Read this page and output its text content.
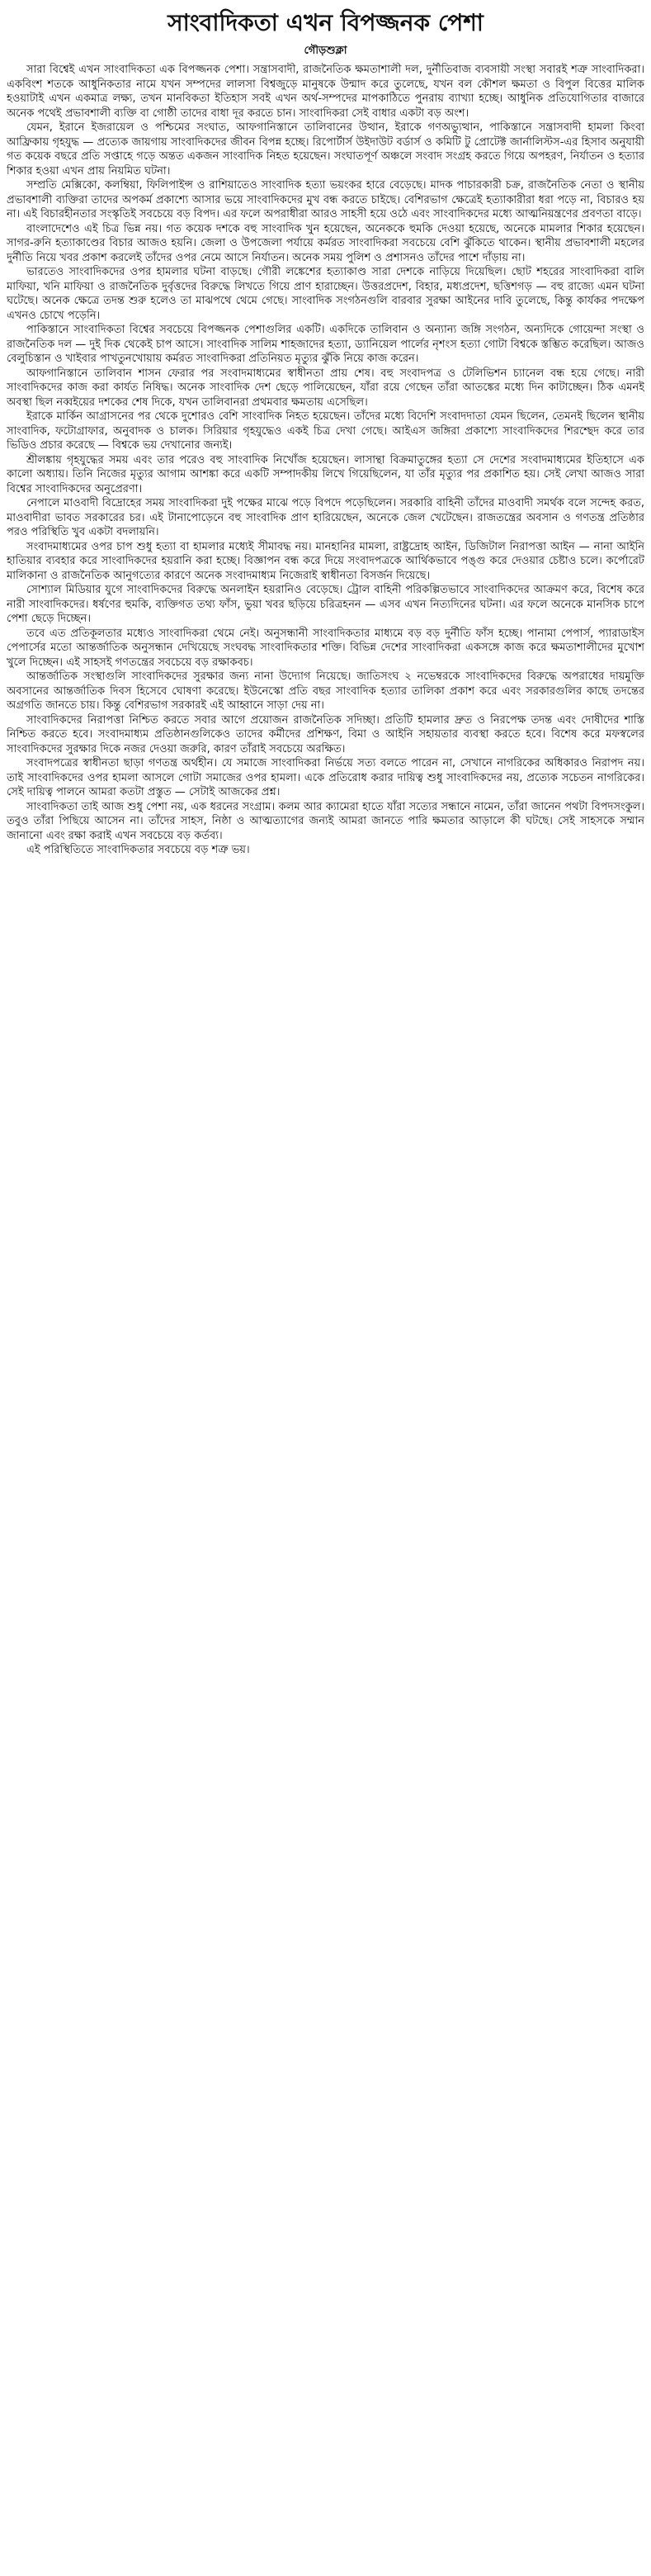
সাংবাদিকতা এখন বিপজ্জনক পেশা
গৌড়শুক্লা

সারা বিশ্বেই এখন সাংবাদিকতা এক বিপজ্জনক পেশা। সন্ত্রাসবাদী, রাজনৈতিক ক্ষমতাশালী দল, দুর্নীতিবাজ ব্যবসায়ী সংস্থা সবারই শত্রু সাংবাদিকরা। একবিংশ শতকে আধুনিকতার নামে যখন সম্পদের লালসা বিশ্বজুড়ে মানুষকে উন্মাদ করে তুলেছে, যখন বল কৌশল ক্ষমতা ও বিপুল বিত্তের মালিক হওয়াটাই এখন একমাত্র লক্ষ্য, তখন মানবিকতা ইতিহাস সবই এখন অর্থ-সম্পদের মাপকাঠিতে পুনরায় ব্যাখ্যা হচ্ছে। আধুনিক প্রতিযোগিতার বাজারে অনেক পথেই প্রভাবশালী ব্যক্তি বা গোষ্ঠী তাদের বাধা দূর করতে চান। সাংবাদিকরা সেই বাধার একটা বড় অংশ।

যেমন, ইরানে ইজরায়েল ও পশ্চিমের সংঘাত, আফগানিস্তানে তালিবানের উত্থান, ইরাকে গণঅভ্যুত্থান, পাকিস্তানে সন্ত্রাসবাদী হামলা কিংবা আফ্রিকায় গৃহযুদ্ধ — প্রত্যেক জায়গায় সাংবাদিকদের জীবন বিপন্ন হচ্ছে। রিপোর্টার্স উইদাউট বর্ডার্স ও কমিটি টু প্রোটেক্ট জার্নালিস্টস-এর হিসাব অনুযায়ী গত কয়েক বছরে প্রতি সপ্তাহে গড়ে অন্তত একজন সাংবাদিক নিহত হয়েছেন। সংঘাতপূর্ণ অঞ্চলে সংবাদ সংগ্রহ করতে গিয়ে অপহরণ, নির্যাতন ও হত্যার শিকার হওয়া এখন প্রায় নিয়মিত ঘটনা।

সম্প্রতি মেক্সিকো, কলম্বিয়া, ফিলিপাইন্স ও রাশিয়াতেও সাংবাদিক হত্যা ভয়ংকর হারে বেড়েছে। মাদক পাচারকারী চক্র, রাজনৈতিক নেতা ও স্থানীয় প্রভাবশালী ব্যক্তিরা তাদের অপকর্ম প্রকাশ্যে আসার ভয়ে সাংবাদিকদের মুখ বন্ধ করতে চাইছে। বেশিরভাগ ক্ষেত্রেই হত্যাকারীরা ধরা পড়ে না, বিচারও হয় না। এই বিচারহীনতার সংস্কৃতিই সবচেয়ে বড় বিপদ। এর ফলে অপরাধীরা আরও সাহসী হয়ে ওঠে এবং সাংবাদিকদের মধ্যে আত্মনিয়ন্ত্রণের প্রবণতা বাড়ে।

বাংলাদেশেও এই চিত্র ভিন্ন নয়। গত কয়েক দশকে বহু সাংবাদিক খুন হয়েছেন, অনেককে হুমকি দেওয়া হয়েছে, অনেকে মামলার শিকার হয়েছেন। সাগর-রুনি হত্যাকাণ্ডের বিচার আজও হয়নি। জেলা ও উপজেলা পর্যায়ে কর্মরত সাংবাদিকরা সবচেয়ে বেশি ঝুঁকিতে থাকেন। স্থানীয় প্রভাবশালী মহলের দুর্নীতি নিয়ে খবর প্রকাশ করলেই তাঁদের ওপর নেমে আসে নির্যাতন। অনেক সময় পুলিশ ও প্রশাসনও তাঁদের পাশে দাঁড়ায় না।

ভারতেও সাংবাদিকদের ওপর হামলার ঘটনা বাড়ছে। গৌরী লঙ্কেশের হত্যাকাণ্ড সারা দেশকে নাড়িয়ে দিয়েছিল। ছোট শহরের সাংবাদিকরা বালি মাফিয়া, খনি মাফিয়া ও রাজনৈতিক দুর্বৃত্তদের বিরুদ্ধে লিখতে গিয়ে প্রাণ হারাচ্ছেন। উত্তরপ্রদেশ, বিহার, মধ্যপ্রদেশ, ছত্তিশগড় — বহু রাজ্যে এমন ঘটনা ঘটেছে। অনেক ক্ষেত্রে তদন্ত শুরু হলেও তা মাঝপথে থেমে গেছে। সাংবাদিক সংগঠনগুলি বারবার সুরক্ষা আইনের দাবি তুলেছে, কিন্তু কার্যকর পদক্ষেপ এখনও চোখে পড়েনি।

পাকিস্তানে সাংবাদিকতা বিশ্বের সবচেয়ে বিপজ্জনক পেশাগুলির একটি। একদিকে তালিবান ও অন্যান্য জঙ্গি সংগঠন, অন্যদিকে গোয়েন্দা সংস্থা ও রাজনৈতিক দল — দুই দিক থেকেই চাপ আসে। সাংবাদিক সালিম শাহজাদের হত্যা, ড্যানিয়েল পার্লের নৃশংস হত্যা গোটা বিশ্বকে স্তম্ভিত করেছিল। আজও বেলুচিস্তান ও খাইবার পাখতুনখোয়ায় কর্মরত সাংবাদিকরা প্রতিনিয়ত মৃত্যুর ঝুঁকি নিয়ে কাজ করেন।

আফগানিস্তানে তালিবান শাসন ফেরার পর সংবাদমাধ্যমের স্বাধীনতা প্রায় শেষ। বহু সংবাদপত্র ও টেলিভিশন চ্যানেল বন্ধ হয়ে গেছে। নারী সাংবাদিকদের কাজ করা কার্যত নিষিদ্ধ। অনেক সাংবাদিক দেশ ছেড়ে পালিয়েছেন, যাঁরা রয়ে গেছেন তাঁরা আতঙ্কের মধ্যে দিন কাটাচ্ছেন। ঠিক এমনই অবস্থা ছিল নব্বইয়ের দশকের শেষ দিকে, যখন তালিবানরা প্রথমবার ক্ষমতায় এসেছিল।

ইরাকে মার্কিন আগ্রাসনের পর থেকে দুশোরও বেশি সাংবাদিক নিহত হয়েছেন। তাঁদের মধ্যে বিদেশি সংবাদদাতা যেমন ছিলেন, তেমনই ছিলেন স্থানীয় সাংবাদিক, ফটোগ্রাফার, অনুবাদক ও চালক। সিরিয়ার গৃহযুদ্ধেও একই চিত্র দেখা গেছে। আইএস জঙ্গিরা প্রকাশ্যে সাংবাদিকদের শিরশ্ছেদ করে তার ভিডিও প্রচার করেছে — বিশ্বকে ভয় দেখানোর জন্যই।

শ্রীলঙ্কায় গৃহযুদ্ধের সময় এবং তার পরেও বহু সাংবাদিক নিখোঁজ হয়েছেন। লাসান্থা বিক্রমাতুঙ্গের হত্যা সে দেশের সংবাদমাধ্যমের ইতিহাসে এক কালো অধ্যায়। তিনি নিজের মৃত্যুর আগাম আশঙ্কা করে একটি সম্পাদকীয় লিখে গিয়েছিলেন, যা তাঁর মৃত্যুর পর প্রকাশিত হয়। সেই লেখা আজও সারা বিশ্বের সাংবাদিকদের অনুপ্রেরণা।

নেপালে মাওবাদী বিদ্রোহের সময় সাংবাদিকরা দুই পক্ষের মাঝে পড়ে বিপদে পড়েছিলেন। সরকারি বাহিনী তাঁদের মাওবাদী সমর্থক বলে সন্দেহ করত, মাওবাদীরা ভাবত সরকারের চর। এই টানাপোড়েনে বহু সাংবাদিক প্রাণ হারিয়েছেন, অনেকে জেল খেটেছেন। রাজতন্ত্রের অবসান ও গণতন্ত্র প্রতিষ্ঠার পরও পরিস্থিতি খুব একটা বদলায়নি।

সংবাদমাধ্যমের ওপর চাপ শুধু হত্যা বা হামলার মধ্যেই সীমাবদ্ধ নয়। মানহানির মামলা, রাষ্ট্রদ্রোহ আইন, ডিজিটাল নিরাপত্তা আইন — নানা আইনি হাতিয়ার ব্যবহার করে সাংবাদিকদের হয়রানি করা হচ্ছে। বিজ্ঞাপন বন্ধ করে দিয়ে সংবাদপত্রকে আর্থিকভাবে পঙ্গু করে দেওয়ার চেষ্টাও চলে। কর্পোরেট মালিকানা ও রাজনৈতিক আনুগত্যের কারণে অনেক সংবাদমাধ্যম নিজেরাই স্বাধীনতা বিসর্জন দিয়েছে।

সোশ্যাল মিডিয়ার যুগে সাংবাদিকদের বিরুদ্ধে অনলাইন হয়রানিও বেড়েছে। ট্রোল বাহিনী পরিকল্পিতভাবে সাংবাদিকদের আক্রমণ করে, বিশেষ করে নারী সাংবাদিকদের। ধর্ষণের হুমকি, ব্যক্তিগত তথ্য ফাঁস, ভুয়া খবর ছড়িয়ে চরিত্রহনন — এসব এখন নিত্যদিনের ঘটনা। এর ফলে অনেকে মানসিক চাপে পেশা ছেড়ে দিচ্ছেন।

তবে এত প্রতিকূলতার মধ্যেও সাংবাদিকরা থেমে নেই। অনুসন্ধানী সাংবাদিকতার মাধ্যমে বড় বড় দুর্নীতি ফাঁস হচ্ছে। পানামা পেপার্স, প্যারাডাইস পেপার্সের মতো আন্তর্জাতিক অনুসন্ধান দেখিয়েছে সংঘবদ্ধ সাংবাদিকতার শক্তি। বিভিন্ন দেশের সাংবাদিকরা একসঙ্গে কাজ করে ক্ষমতাশালীদের মুখোশ খুলে দিচ্ছেন। এই সাহসই গণতন্ত্রের সবচেয়ে বড় রক্ষাকবচ।

আন্তর্জাতিক সংস্থাগুলি সাংবাদিকদের সুরক্ষার জন্য নানা উদ্যোগ নিয়েছে। জাতিসংঘ ২ নভেম্বরকে সাংবাদিকদের বিরুদ্ধে অপরাধের দায়মুক্তি অবসানের আন্তর্জাতিক দিবস হিসেবে ঘোষণা করেছে। ইউনেস্কো প্রতি বছর সাংবাদিক হত্যার তালিকা প্রকাশ করে এবং সরকারগুলির কাছে তদন্তের অগ্রগতি জানতে চায়। কিন্তু বেশিরভাগ সরকারই এই আহ্বানে সাড়া দেয় না।

সাংবাদিকদের নিরাপত্তা নিশ্চিত করতে সবার আগে প্রয়োজন রাজনৈতিক সদিচ্ছা। প্রতিটি হামলার দ্রুত ও নিরপেক্ষ তদন্ত এবং দোষীদের শাস্তি নিশ্চিত করতে হবে। সংবাদমাধ্যম প্রতিষ্ঠানগুলিকেও তাদের কর্মীদের প্রশিক্ষণ, বিমা ও আইনি সহায়তার ব্যবস্থা করতে হবে। বিশেষ করে মফস্বলের সাংবাদিকদের সুরক্ষার দিকে নজর দেওয়া জরুরি, কারণ তাঁরাই সবচেয়ে অরক্ষিত।

সংবাদপত্রের স্বাধীনতা ছাড়া গণতন্ত্র অর্থহীন। যে সমাজে সাংবাদিকরা নির্ভয়ে সত্য বলতে পারেন না, সেখানে নাগরিকের অধিকারও নিরাপদ নয়। তাই সাংবাদিকদের ওপর হামলা আসলে গোটা সমাজের ওপর হামলা। একে প্রতিরোধ করার দায়িত্ব শুধু সাংবাদিকদের নয়, প্রত্যেক সচেতন নাগরিকের। সেই দায়িত্ব পালনে আমরা কতটা প্রস্তুত — সেটাই আজকের প্রশ্ন।

সাংবাদিকতা তাই আজ শুধু পেশা নয়, এক ধরনের সংগ্রাম। কলম আর ক্যামেরা হাতে যাঁরা সত্যের সন্ধানে নামেন, তাঁরা জানেন পথটা বিপদসংকুল। তবুও তাঁরা পিছিয়ে আসেন না। তাঁদের সাহস, নিষ্ঠা ও আত্মত্যাগের জন্যই আমরা জানতে পারি ক্ষমতার আড়ালে কী ঘটছে। সেই সাহসকে সম্মান জানানো এবং রক্ষা করাই এখন সবচেয়ে বড় কর্তব্য।

এই পরিস্থিতিতে সাংবাদিকতার সবচেয়ে বড় শত্রু ভয়।
